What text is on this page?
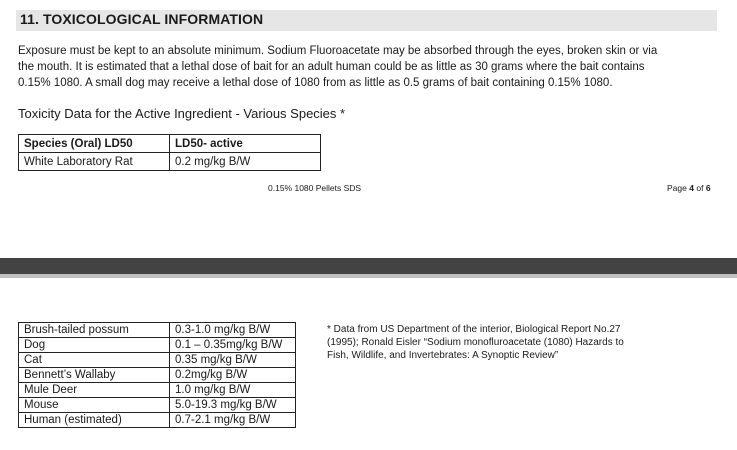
11. TOXICOLOGICAL INFORMATION
Exposure must be kept to an absolute minimum. Sodium Fluoroacetate may be absorbed through the eyes, broken skin or via
the mouth. It is estimated that a lethal dose of bait for an adult human could be as little as 30 grams where the bait contains
0.15% 1080. A small dog may receive a lethal dose of 1080 from as little as 0.5 grams of bait containing 0.15% 1080.
Toxicity Data for the Active Ingredient - Various Species *
Species (Oral) LD50	LD50- active
White Laboratory Rat	0.2 mg/kg B/W
0.15% 1080 Pellets SDS	Page 4 of 6
Brush-tailed possum	0.3-1.0 mg/kg B/W
Dog	0.1 – 0.35mg/kg B/W
Cat	0.35 mg/kg B/W
Bennett’s Wallaby	0.2mg/kg B/W
Mule Deer	1.0 mg/kg B/W
Mouse	5.0-19.3 mg/kg B/W
Human (estimated)	0.7-2.1 mg/kg B/W
* Data from US Department of the interior, Biological Report No.27
(1995); Ronald Eisler “Sodium monofluroacetate (1080) Hazards to
Fish, Wildlife, and Invertebrates: A Synoptic Review”
